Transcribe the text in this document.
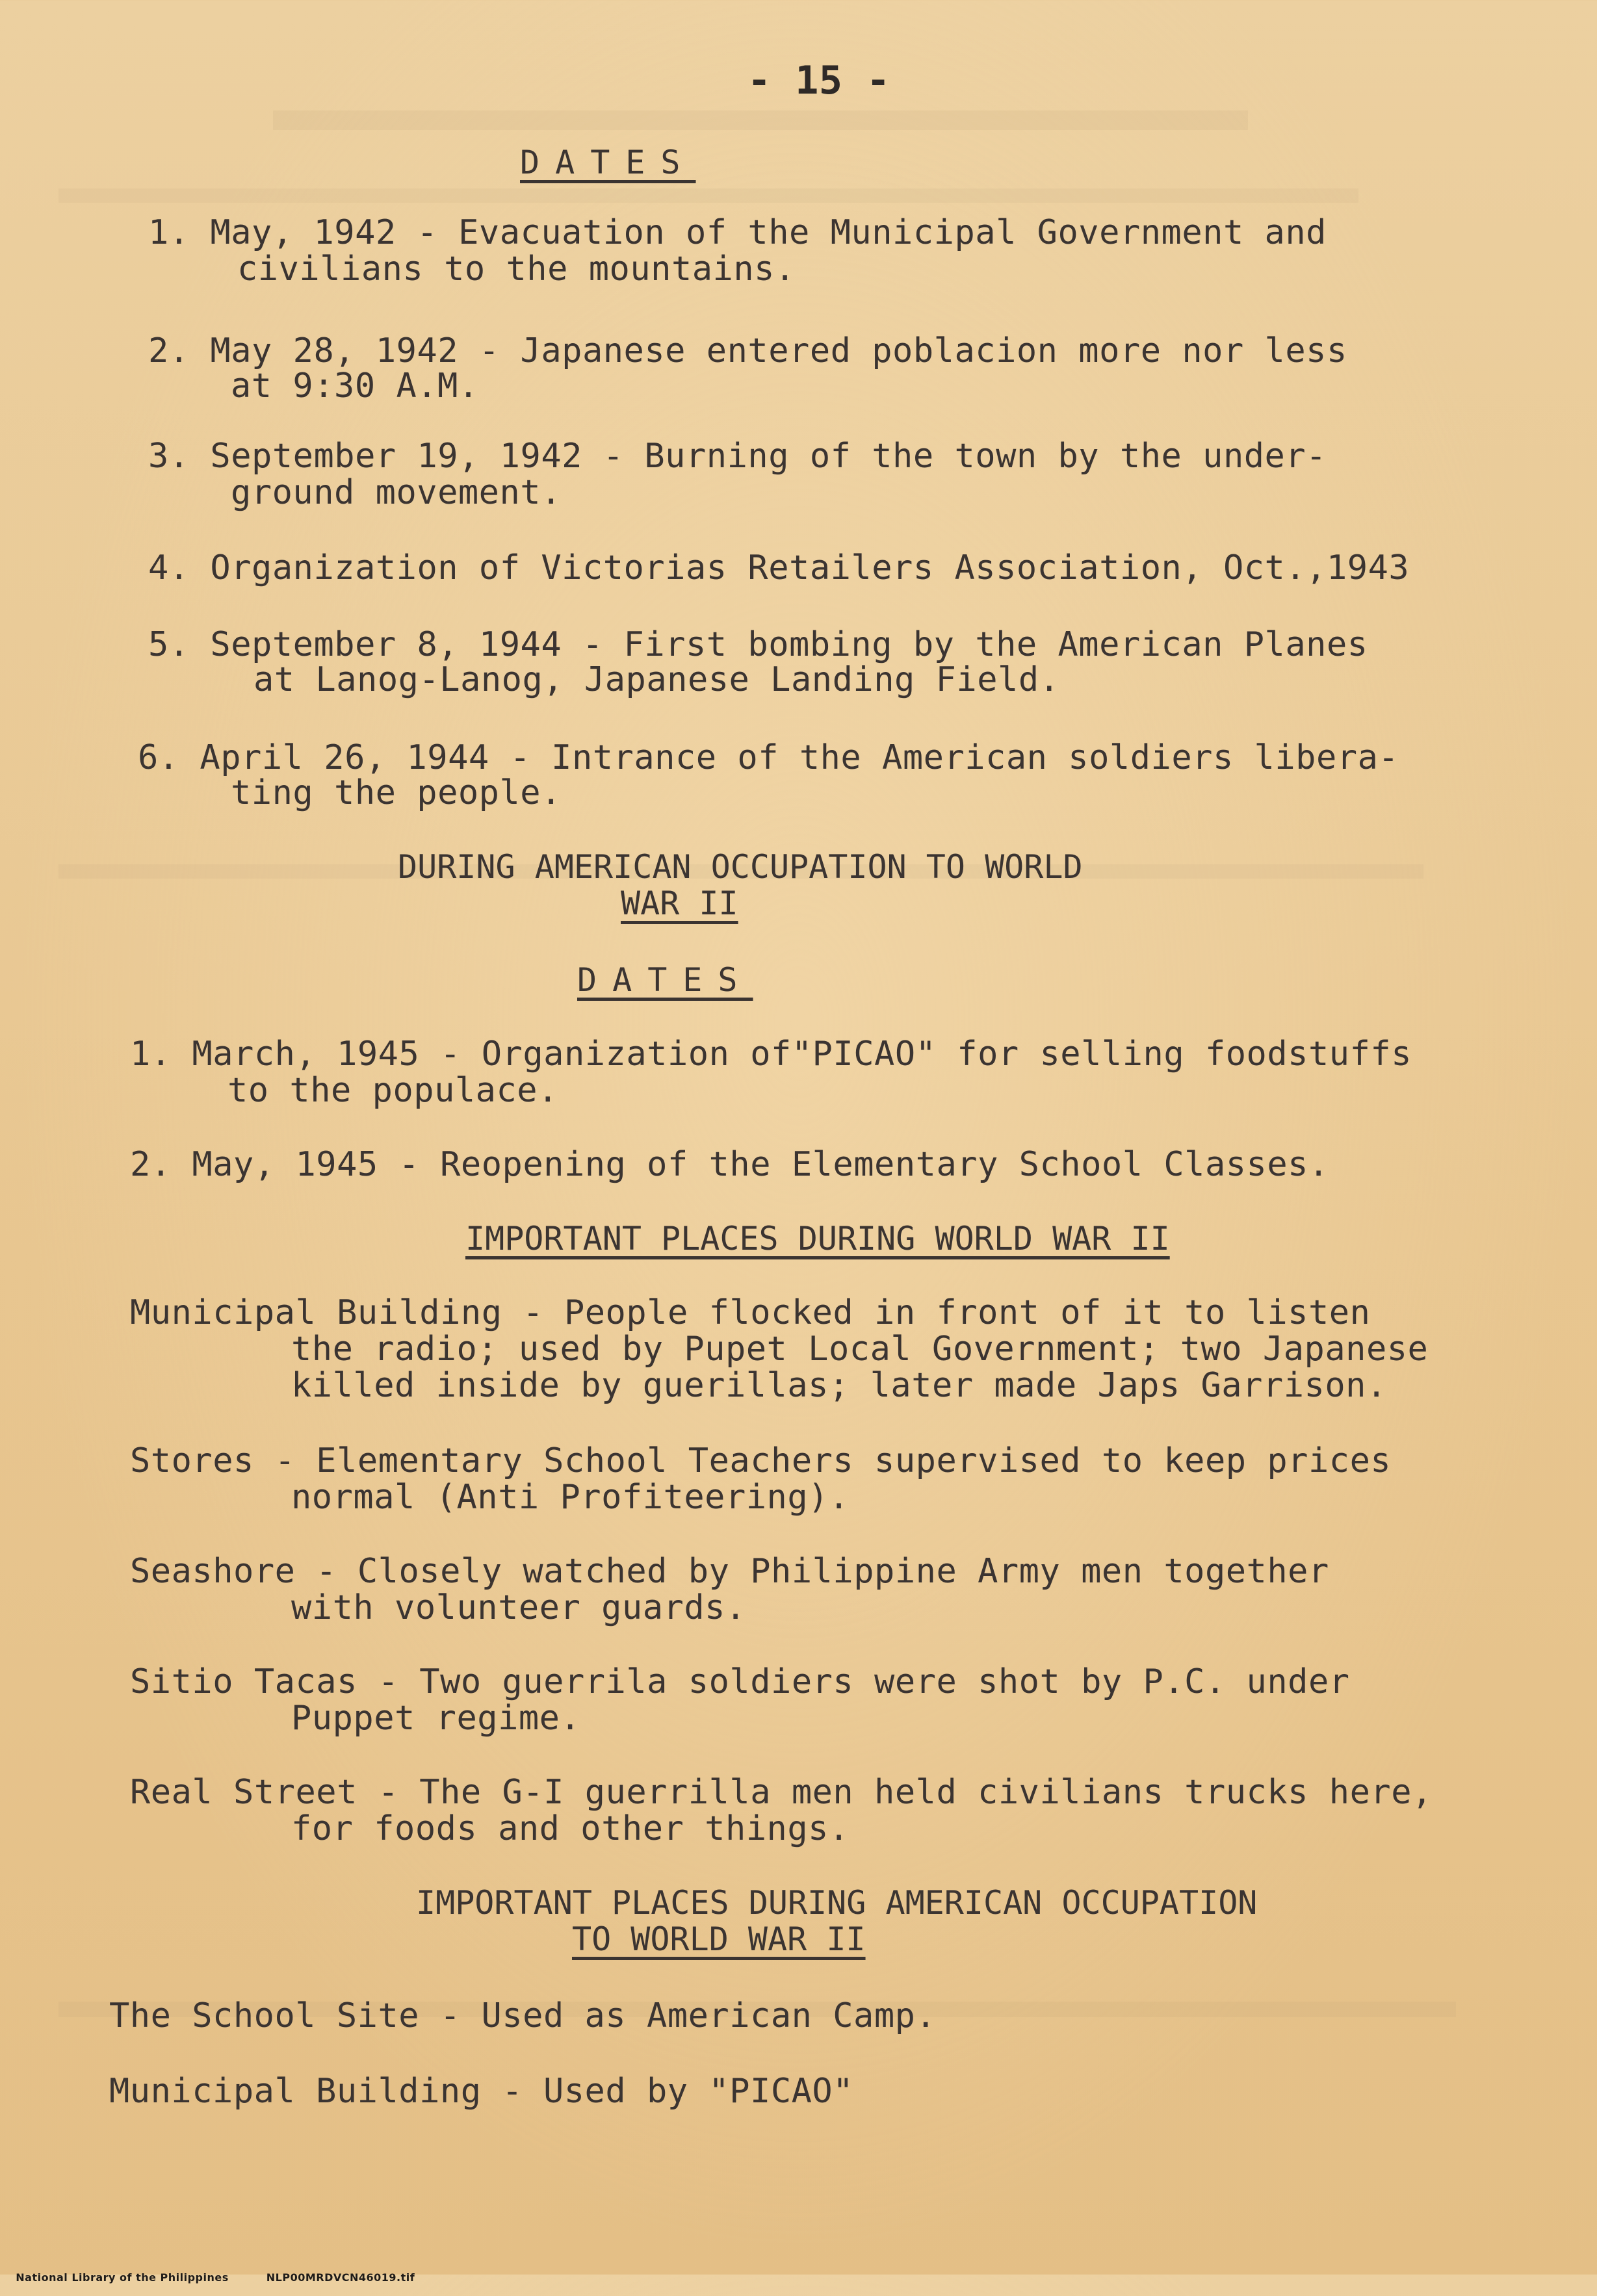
- 15 -
DATES
1. May, 1942 - Evacuation of the Municipal Government and
civilians to the mountains.
2. May 28, 1942 - Japanese entered poblacion more nor less
at 9:30 A.M.
3. September 19, 1942 - Burning of the town by the under-
ground movement.
4. Organization of Victorias Retailers Association, Oct.,1943
5. September 8, 1944 - First bombing by the American Planes
at Lanog-Lanog, Japanese Landing Field.
6. April 26, 1944 - Intrance of the American soldiers libera-
ting the people.
DURING AMERICAN OCCUPATION TO WORLD
WAR II
DATES
1. March, 1945 - Organization of"PICAO" for selling foodstuffs
to the populace.
2. May, 1945 - Reopening of the Elementary School Classes.
IMPORTANT PLACES DURING WORLD WAR II
Municipal Building - People flocked in front of it to listen
the radio; used by Pupet Local Government; two Japanese
killed inside by guerillas; later made Japs Garrison.
Stores - Elementary School Teachers supervised to keep prices
normal (Anti Profiteering).
Seashore - Closely watched by Philippine Army men together
with volunteer guards.
Sitio Tacas - Two guerrila soldiers were shot by P.C. under
Puppet regime.
Real Street - The G-I guerrilla men held civilians trucks here,
for foods and other things.
IMPORTANT PLACES DURING AMERICAN OCCUPATION
TO WORLD WAR II
The School Site - Used as American Camp.
Municipal Building - Used by "PICAO"

National Library of the Philippines	NLP00MRDVCN46019.tif
